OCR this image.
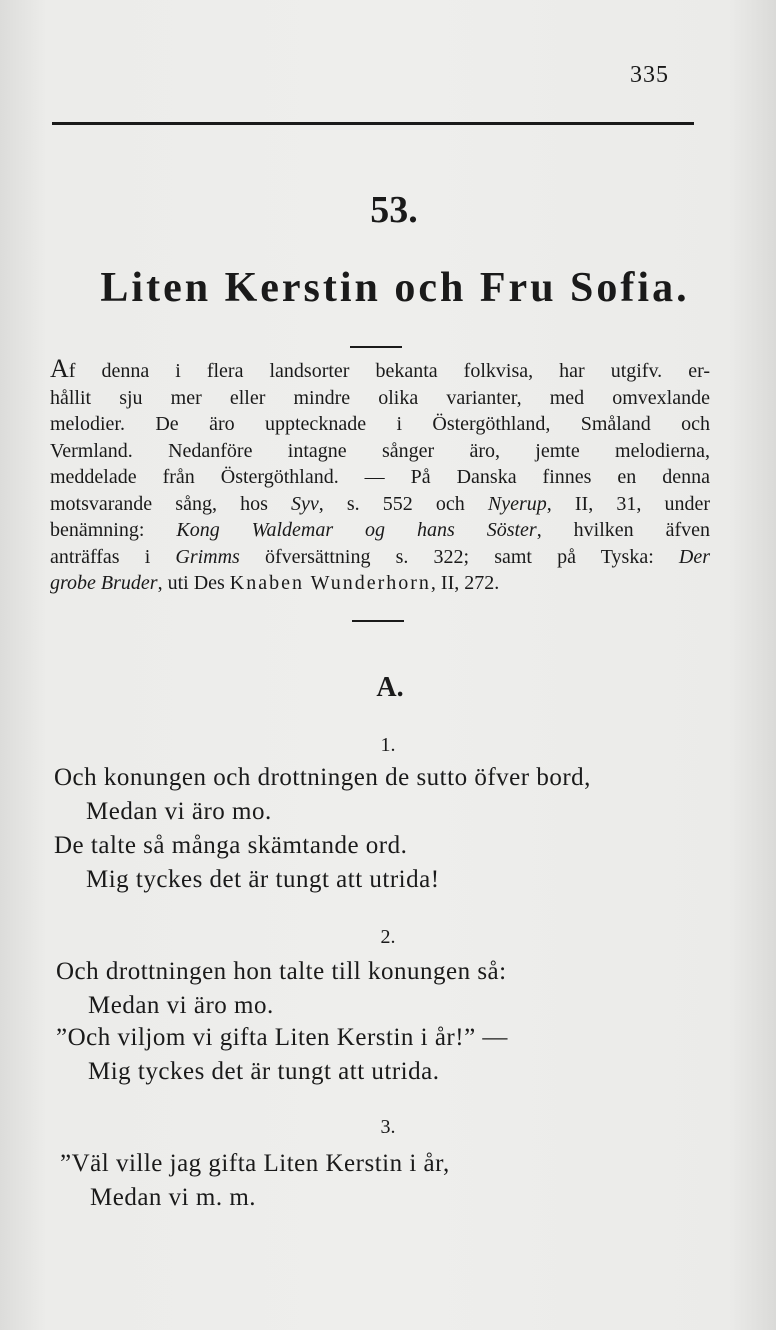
335
53.
Liten Kerstin och Fru Sofia.
Af denna i flera landsorter bekanta folkvisa, har utgifv. er-
hållit sju mer eller mindre olika varianter, med omvexlande
melodier. De äro upptecknade i Östergöthland, Småland och
Vermland. Nedanföre intagne sånger äro, jemte melodierna,
meddelade från Östergöthland. — På Danska finnes en denna
motsvarande sång, hos Syv, s. 552 och Nyerup, II, 31, under
benämning: Kong Waldemar og hans Söster, hvilken äfven
anträffas i Grimms öfversättning s. 322; samt på Tyska: Der
grobe Bruder, uti Des Knaben Wunderhorn, II, 272.
A.
1.
Och konungen och drottningen de sutto öfver bord,
Medan vi äro mo.
De talte så många skämtande ord.
Mig tyckes det är tungt att utrida!
2.
Och drottningen hon talte till konungen så:
Medan vi äro mo.
”Och viljom vi gifta Liten Kerstin i år!” —
Mig tyckes det är tungt att utrida.
3.
”Väl ville jag gifta Liten Kerstin i år,
Medan vi m. m.
